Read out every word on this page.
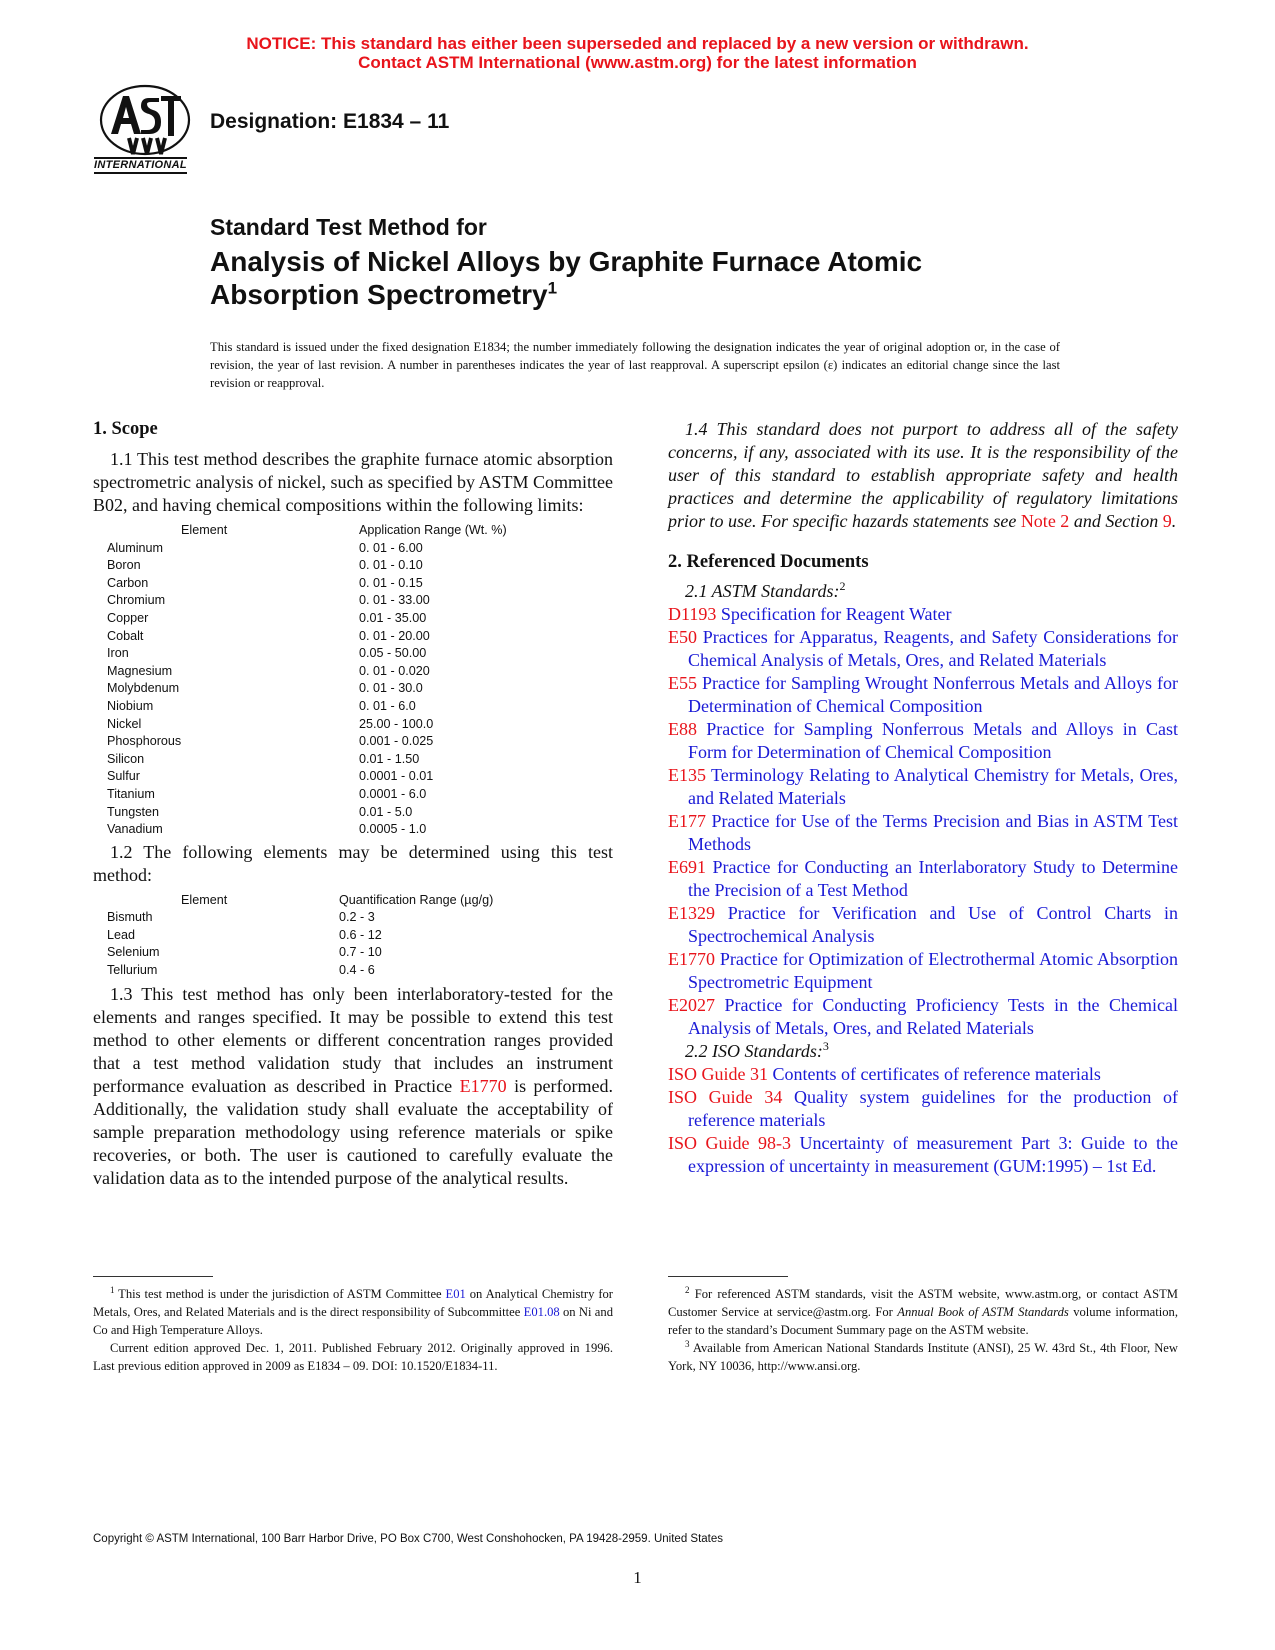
NOTICE: This standard has either been superseded and replaced by a new version or withdrawn.
Contact ASTM International (www.astm.org) for the latest information
INTERNATIONAL
Designation: E1834 – 11
Standard Test Method for
Analysis of Nickel Alloys by Graphite Furnace Atomic
Absorption Spectrometry$^1$
This standard is issued under the fixed designation E1834; the number immediately following the designation indicates the year of original adoption or, in the case of revision, the year of last revision. A number in parentheses indicates the year of last reapproval. A superscript epsilon (ε) indicates an editorial change since the last revision or reapproval.
1. Scope
1.1 This test method describes the graphite furnace atomic absorption spectrometric analysis of nickel, such as specified by ASTM Committee B02, and having chemical compositions within the following limits:
	Element	Application Range (Wt. %)
Aluminum		0. 01 - 6.00
Boron		0. 01 - 0.10
Carbon		0. 01 - 0.15
Chromium		0. 01 - 33.00
Copper		0.01 - 35.00
Cobalt		0. 01 - 20.00
Iron		0.05 - 50.00
Magnesium		0. 01 - 0.020
Molybdenum		0. 01 - 30.0
Niobium		0. 01 - 6.0
Nickel		25.00 - 100.0
Phosphorous		0.001 - 0.025
Silicon		0.01 - 1.50
Sulfur		0.0001 - 0.01
Titanium		0.0001 - 6.0
Tungsten		0.01 - 5.0
Vanadium		0.0005 - 1.0
1.2 The following elements may be determined using this test method:
	Element	Quantification Range (µg/g)
Bismuth		0.2 - 3
Lead		0.6 - 12
Selenium		0.7 - 10
Tellurium		0.4 - 6
1.3 This test method has only been interlaboratory-tested for the elements and ranges specified. It may be possible to extend this test method to other elements or different concentration ranges provided that a test method validation study that includes an instrument performance evaluation as described in Practice E1770 is performed. Additionally, the validation study shall evaluate the acceptability of sample preparation methodology using reference materials or spike recoveries, or both. The user is cautioned to carefully evaluate the validation data as to the intended purpose of the analytical results.
1.4 This standard does not purport to address all of the safety concerns, if any, associated with its use. It is the responsibility of the user of this standard to establish appropriate safety and health practices and determine the applicability of regulatory limitations prior to use. For specific hazards statements see Note 2 and Section 9.
2. Referenced Documents
2.1 ASTM Standards:$^2$
D1193 Specification for Reagent Water
E50 Practices for Apparatus, Reagents, and Safety Considerations for Chemical Analysis of Metals, Ores, and Related Materials
E55 Practice for Sampling Wrought Nonferrous Metals and Alloys for Determination of Chemical Composition
E88 Practice for Sampling Nonferrous Metals and Alloys in Cast Form for Determination of Chemical Composition
E135 Terminology Relating to Analytical Chemistry for Metals, Ores, and Related Materials
E177 Practice for Use of the Terms Precision and Bias in ASTM Test Methods
E691 Practice for Conducting an Interlaboratory Study to Determine the Precision of a Test Method
E1329 Practice for Verification and Use of Control Charts in Spectrochemical Analysis
E1770 Practice for Optimization of Electrothermal Atomic Absorption Spectrometric Equipment
E2027 Practice for Conducting Proficiency Tests in the Chemical Analysis of Metals, Ores, and Related Materials
2.2 ISO Standards:$^3$
ISO Guide 31 Contents of certificates of reference materials
ISO Guide 34 Quality system guidelines for the production of reference materials
ISO Guide 98-3 Uncertainty of measurement Part 3: Guide to the expression of uncertainty in measurement (GUM:1995) – 1st Ed.
$^1$ This test method is under the jurisdiction of ASTM Committee E01 on Analytical Chemistry for Metals, Ores, and Related Materials and is the direct responsibility of Subcommittee E01.08 on Ni and Co and High Temperature Alloys.
Current edition approved Dec. 1, 2011. Published February 2012. Originally approved in 1996. Last previous edition approved in 2009 as E1834 – 09. DOI: 10.1520/E1834-11.
$^2$ For referenced ASTM standards, visit the ASTM website, www.astm.org, or contact ASTM Customer Service at service@astm.org. For Annual Book of ASTM Standards volume information, refer to the standard’s Document Summary page on the ASTM website.
$^3$ Available from American National Standards Institute (ANSI), 25 W. 43rd St., 4th Floor, New York, NY 10036, http://www.ansi.org.
Copyright © ASTM International, 100 Barr Harbor Drive, PO Box C700, West Conshohocken, PA 19428-2959. United States
1
